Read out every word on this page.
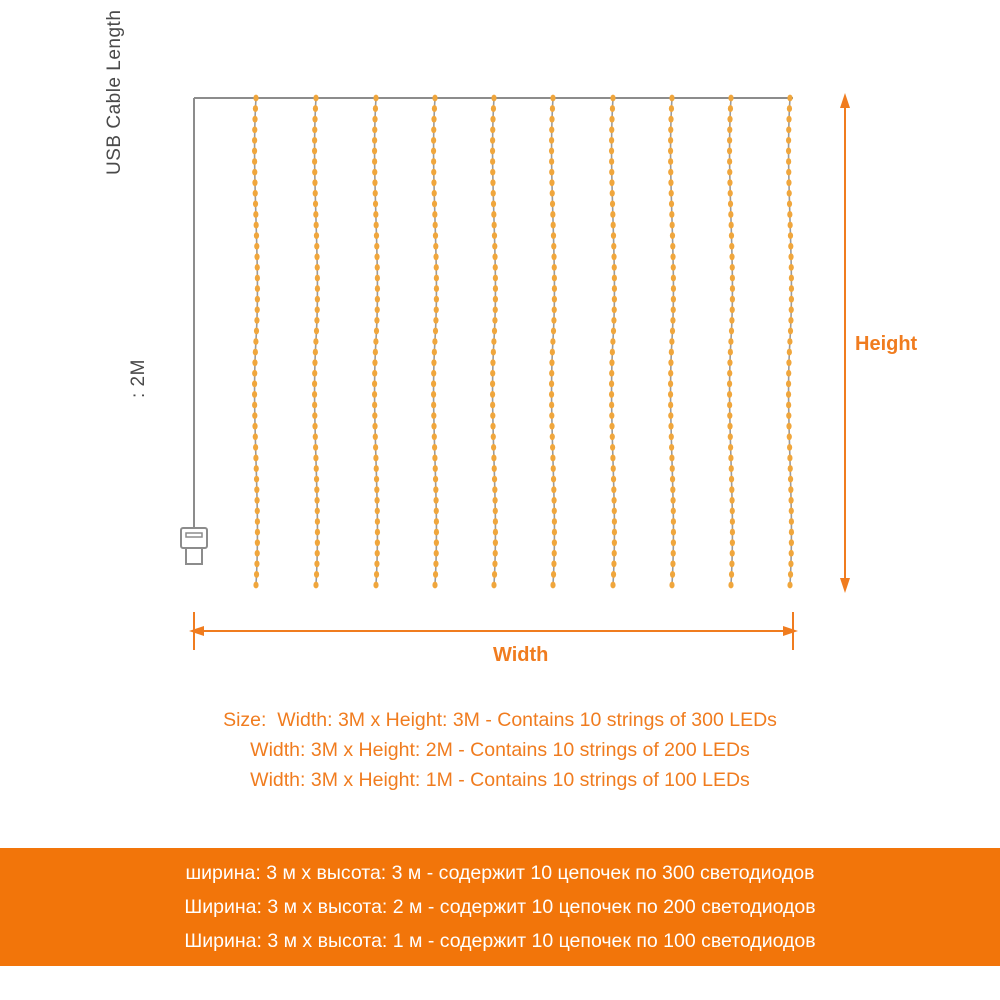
USB Cable Length
: 2M
Height
Width
Size: Width: 3M x Height: 3M - Contains 10 strings of 300 LEDs
Width: 3M x Height: 2M - Contains 10 strings of 200 LEDs
Width: 3M x Height: 1M - Contains 10 strings of 100 LEDs
ширина: 3 м х высота: 3 м - содержит 10 цепочек по 300 светодиодов
Ширина: 3 м х высота: 2 м - содержит 10 цепочек по 200 светодиодов
Ширина: 3 м х высота: 1 м - содержит 10 цепочек по 100 светодиодов
